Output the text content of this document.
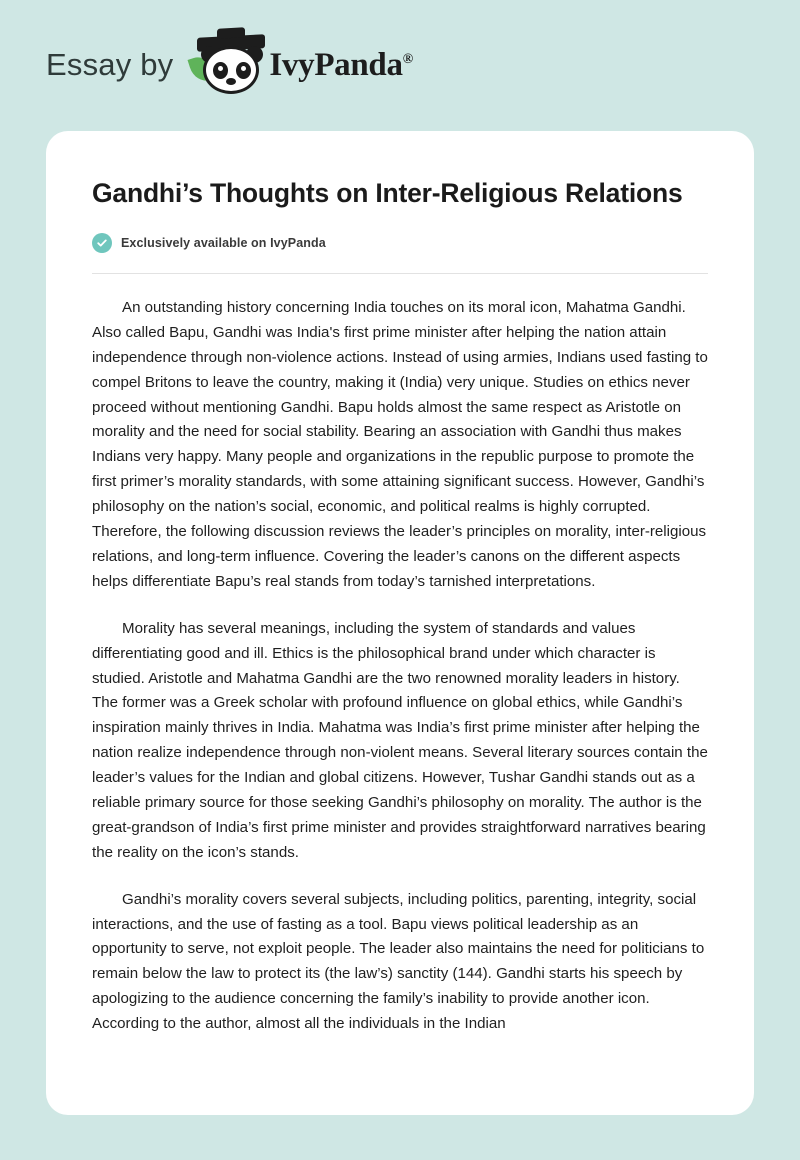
Essay by	IvyPanda®
Gandhi’s Thoughts on Inter-Religious Relations
Exclusively available on IvyPanda

An outstanding history concerning India touches on its moral icon, Mahatma Gandhi. Also called Bapu, Gandhi was India's first prime minister after helping the nation attain independence through non-violence actions. Instead of using armies, Indians used fasting to compel Britons to leave the country, making it (India) very unique. Studies on ethics never proceed without mentioning Gandhi. Bapu holds almost the same respect as Aristotle on morality and the need for social stability. Bearing an association with Gandhi thus makes Indians very happy. Many people and organizations in the republic purpose to promote the first primer’s morality standards, with some attaining significant success. However, Gandhi’s philosophy on the nation’s social, economic, and political realms is highly corrupted. Therefore, the following discussion reviews the leader’s principles on morality, inter-religious relations, and long-term influence. Covering the leader’s canons on the different aspects helps differentiate Bapu’s real stands from today’s tarnished interpretations.

Morality has several meanings, including the system of standards and values differentiating good and ill. Ethics is the philosophical brand under which character is studied. Aristotle and Mahatma Gandhi are the two renowned morality leaders in history. The former was a Greek scholar with profound influence on global ethics, while Gandhi’s inspiration mainly thrives in India. Mahatma was India’s first prime minister after helping the nation realize independence through non-violent means. Several literary sources contain the leader’s values for the Indian and global citizens. However, Tushar Gandhi stands out as a reliable primary source for those seeking Gandhi’s philosophy on morality. The author is the great-grandson of India’s first prime minister and provides straightforward narratives bearing the reality on the icon’s stands.

Gandhi’s morality covers several subjects, including politics, parenting, integrity, social interactions, and the use of fasting as a tool. Bapu views political leadership as an opportunity to serve, not exploit people. The leader also maintains the need for politicians to remain below the law to protect its (the law’s) sanctity (144). Gandhi starts his speech by apologizing to the audience concerning the family’s inability to provide another icon. According to the author, almost all the individuals in the Indian
